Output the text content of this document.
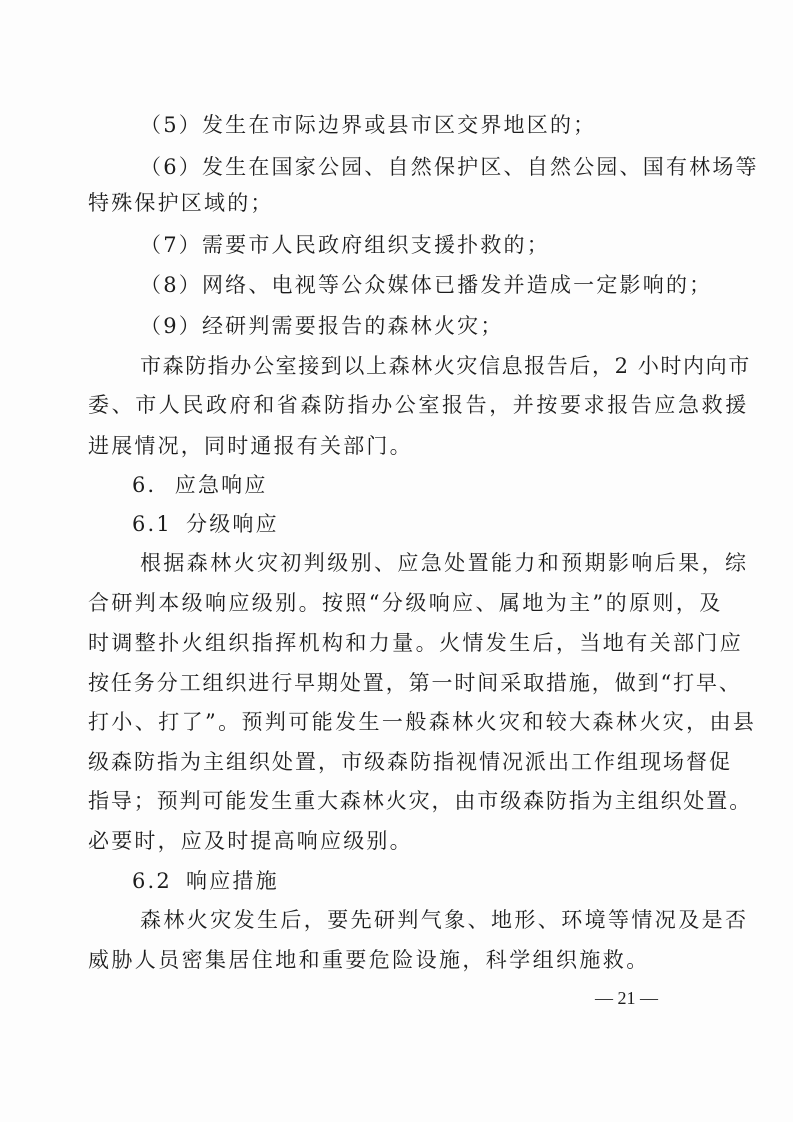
（5）发生在市际边界或县市区交界地区的；
（6）发生在国家公园、自然保护区、自然公园、国有林场等
特殊保护区域的；
（7）需要市人民政府组织支援扑救的；
（8）网络、电视等公众媒体已播发并造成一定影响的；
（9）经研判需要报告的森林火灾；
市森防指办公室接到以上森林火灾信息报告后，2 小时内向市
委、市人民政府和省森防指办公室报告，并按要求报告应急救援
进展情况，同时通报有关部门。
6． 应急响应
6.1 分级响应
根据森林火灾初判级别、应急处置能力和预期影响后果，综
合研判本级响应级别。按照“分级响应、属地为主”的原则，及
时调整扑火组织指挥机构和力量。火情发生后，当地有关部门应
按任务分工组织进行早期处置，第一时间采取措施，做到“打早、
打小、打了”。预判可能发生一般森林火灾和较大森林火灾，由县
级森防指为主组织处置，市级森防指视情况派出工作组现场督促
指导；预判可能发生重大森林火灾，由市级森防指为主组织处置。
必要时，应及时提高响应级别。
6.2 响应措施
森林火灾发生后，要先研判气象、地形、环境等情况及是否
威胁人员密集居住地和重要危险设施，科学组织施救。
— 21 —
